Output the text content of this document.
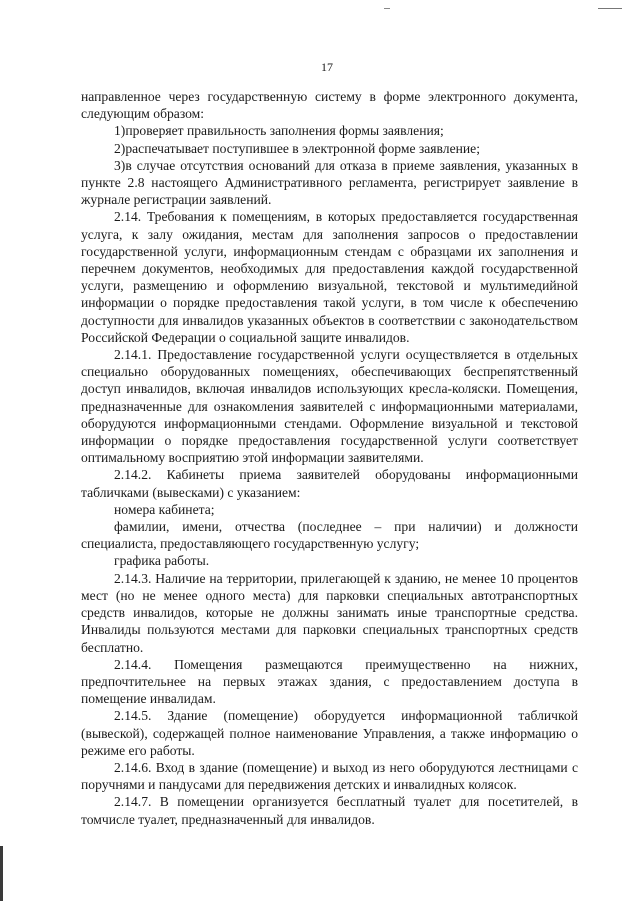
17

направленное через государственную систему в форме электронного документа, следующим образом:

1)проверяет правильность заполнения формы заявления;

2)распечатывает поступившее в электронной форме заявление;

3)в случае отсутствия оснований для отказа в приеме заявления, указанных в пункте 2.8 настоящего Административного регламента, регистрирует заявление в журнале регистрации заявлений.

2.14. Требования к помещениям, в которых предоставляется государственная услуга, к залу ожидания, местам для заполнения запросов о предоставлении государственной услуги, информационным стендам с образцами их заполнения и перечнем документов, необходимых для предоставления каждой государственной услуги, размещению и оформлению визуальной, текстовой и мультимедийной информации о порядке предоставления такой услуги, в том числе к обеспечению доступности для инвалидов указанных объектов в соответствии с законодательством Российской Федерации о социальной защите инвалидов.

2.14.1. Предоставление государственной услуги осуществляется в отдельных специально оборудованных помещениях, обеспечивающих беспрепятственный доступ инвалидов, включая инвалидов использующих кресла-коляски. Помещения, предназначенные для ознакомления заявителей с информационными материалами, оборудуются информационными стендами. Оформление визуальной и текстовой информации о порядке предоставления государственной услуги соответствует оптимальному восприятию этой информации заявителями.

2.14.2. Кабинеты приема заявителей оборудованы информационными табличками (вывесками) с указанием:

номера кабинета;

фамилии, имени, отчества (последнее – при наличии) и должности специалиста, предоставляющего государственную услугу;

графика работы.

2.14.3. Наличие на территории, прилегающей к зданию, не менее 10 процентов мест (но не менее одного места) для парковки специальных автотранспортных средств инвалидов, которые не должны занимать иные транспортные средства. Инвалиды пользуются местами для парковки специальных транспортных средств бесплатно.

2.14.4. Помещения размещаются преимущественно на нижних, предпочтительнее на первых этажах здания, с предоставлением доступа в помещение инвалидам.

2.14.5. Здание (помещение) оборудуется информационной табличкой (вывеской), содержащей полное наименование Управления, а также информацию о режиме его работы.

2.14.6. Вход в здание (помещение) и выход из него оборудуются лестницами с поручнями и пандусами для передвижения детских и инвалидных колясок.

2.14.7. В помещении организуется бесплатный туалет для посетителей, в томчисле туалет, предназначенный для инвалидов.
